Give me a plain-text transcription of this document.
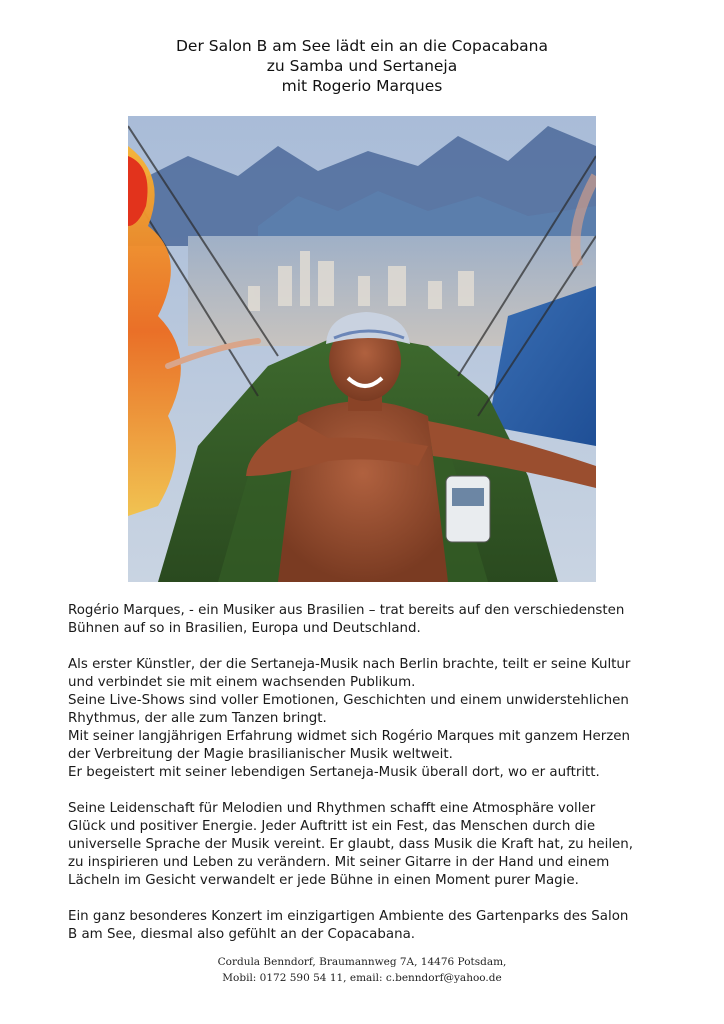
Der Salon B am See lädt ein an die Copacabana
zu Samba und Sertaneja
mit Rogerio Marques

Rogério Marques, - ein Musiker aus Brasilien – trat bereits auf den verschiedensten
Bühnen auf so in Brasilien, Europa und Deutschland.

Als erster Künstler, der die Sertaneja-Musik nach Berlin brachte, teilt er seine Kultur
und verbindet sie mit einem wachsenden Publikum.
Seine Live-Shows sind voller Emotionen, Geschichten und einem unwiderstehlichen
Rhythmus, der alle zum Tanzen bringt.
Mit seiner langjährigen Erfahrung widmet sich Rogério Marques mit ganzem Herzen
der Verbreitung der Magie brasilianischer Musik weltweit.
Er begeistert mit seiner lebendigen Sertaneja-Musik überall dort, wo er auftritt.

Seine Leidenschaft für Melodien und Rhythmen schafft eine Atmosphäre voller
Glück und positiver Energie. Jeder Auftritt ist ein Fest, das Menschen durch die
universelle Sprache der Musik vereint. Er glaubt, dass Musik die Kraft hat, zu heilen,
zu inspirieren und Leben zu verändern. Mit seiner Gitarre in der Hand und einem
Lächeln im Gesicht verwandelt er jede Bühne in einen Moment purer Magie.

Ein ganz besonderes Konzert im einzigartigen Ambiente des Gartenparks des Salon
B am See, diesmal also gefühlt an der Copacabana.

Cordula Benndorf, Braumannweg 7A, 14476 Potsdam,
Mobil: 0172 590 54 11, email: c.benndorf@yahoo.de
